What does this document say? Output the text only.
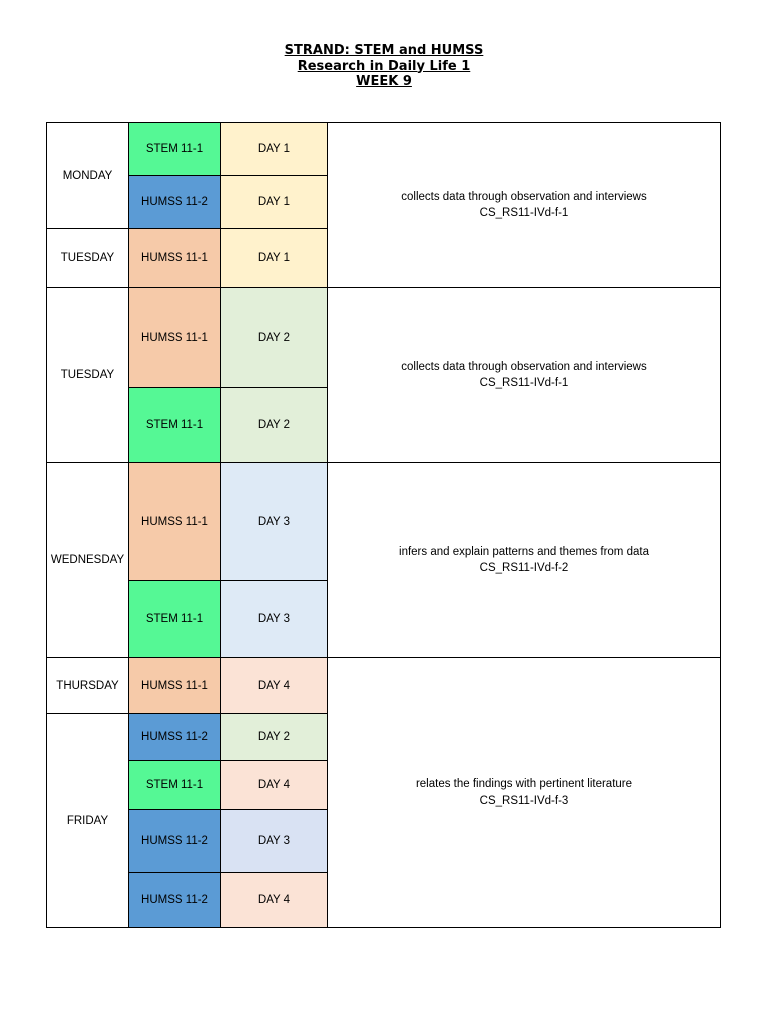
STRAND: STEM and HUMSS
Research in Daily Life 1
WEEK 9
MONDAY	STEM 11-1	DAY 1	collects data through observation and interviews
CS_RS11-IVd-f-1

	HUMSS 11-2	DAY 1	
TUESDAY	HUMSS 11-1	DAY 1	
TUESDAY	HUMSS 11-1	DAY 2	collects data through observation and interviews
CS_RS11-IVd-f-1

	STEM 11-1	DAY 2	
WEDNESDAY	HUMSS 11-1	DAY 3	infers and explain patterns and themes from data
CS_RS11-IVd-f-2

	STEM 11-1	DAY 3	
THURSDAY	HUMSS 11-1	DAY 4	relates the findings with pertinent literature
CS_RS11-IVd-f-3

FRIDAY	HUMSS 11-2	DAY 2	
	STEM 11-1	DAY 4	
	HUMSS 11-2	DAY 3	
	HUMSS 11-2	DAY 4	
